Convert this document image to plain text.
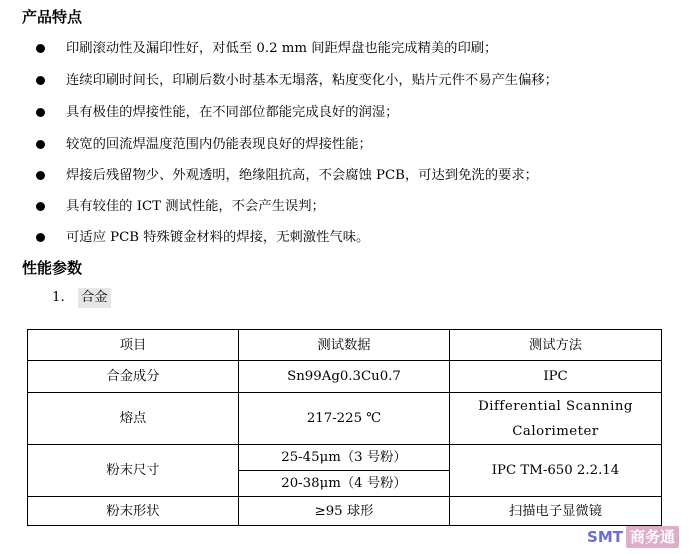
产品特点
印刷滚动性及漏印性好，对低至 0.2 mm 间距焊盘也能完成精美的印刷；
连续印刷时间长，印刷后数小时基本无塌落，粘度变化小，贴片元件不易产生偏移；
具有极佳的焊接性能，在不同部位都能完成良好的润湿；
较宽的回流焊温度范围内仍能表现良好的焊接性能；
焊接后残留物少、外观透明，绝缘阻抗高，不会腐蚀 PCB，可达到免洗的要求；
具有较佳的 ICT 测试性能，不会产生误判；
可适应 PCB 特殊镀金材料的焊接，无刺激性气味。
性能参数
1. 合金
项目	测试数据	测试方法
合金成分	Sn99Ag0.3Cu0.7	IPC
熔点	217-225 ℃	Differential Scanning Calorimeter
粉末尺寸	25-45μm（3 号粉）	IPC TM-650 2.2.14
	20-38μm（4 号粉）	
粉末形状	≥95 球形	扫描电子显微镜
SMT 商务通
